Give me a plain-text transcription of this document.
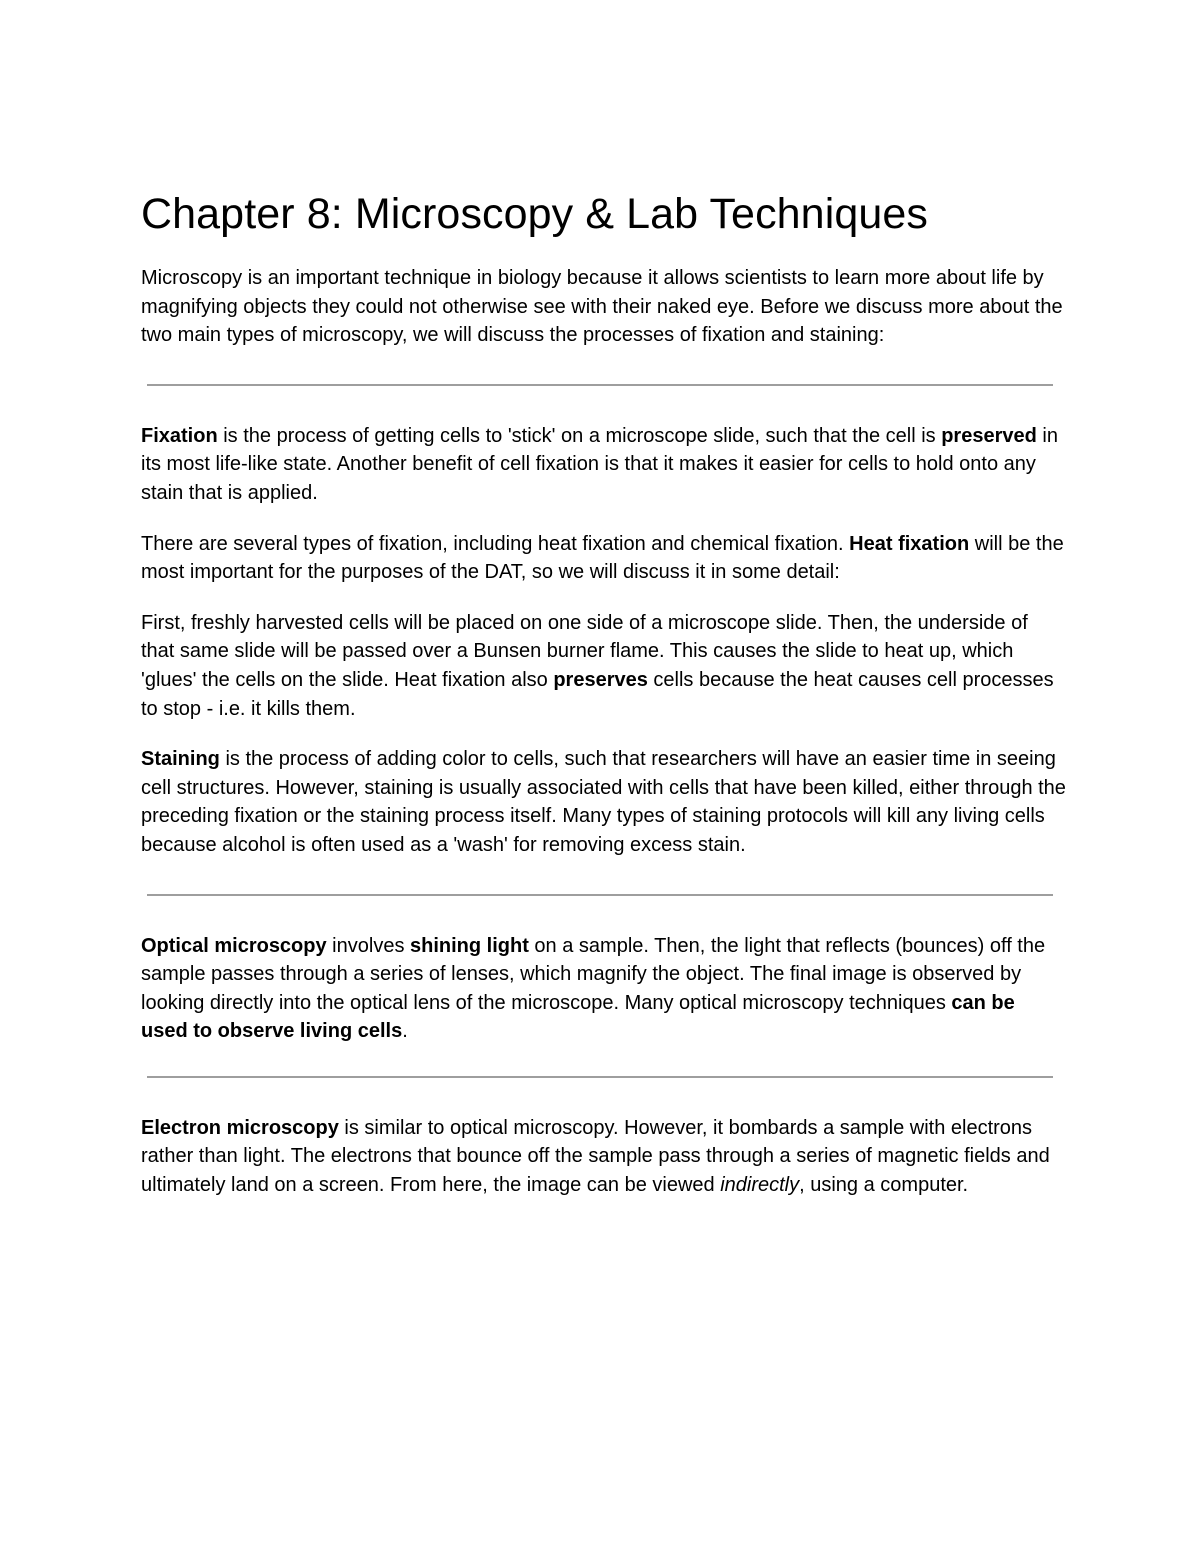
Chapter 8: Microscopy & Lab Techniques

Microscopy is an important technique in biology because it allows scientists to learn more about life by magnifying objects they could not otherwise see with their naked eye. Before we discuss more about the two main types of microscopy, we will discuss the processes of fixation and staining:

Fixation is the process of getting cells to 'stick' on a microscope slide, such that the cell is preserved in its most life-like state. Another benefit of cell fixation is that it makes it easier for cells to hold onto any stain that is applied.

There are several types of fixation, including heat fixation and chemical fixation. Heat fixation will be the most important for the purposes of the DAT, so we will discuss it in some detail:

First, freshly harvested cells will be placed on one side of a microscope slide. Then, the underside of that same slide will be passed over a Bunsen burner flame. This causes the slide to heat up, which 'glues' the cells on the slide. Heat fixation also preserves cells because the heat causes cell processes to stop - i.e. it kills them.

Staining is the process of adding color to cells, such that researchers will have an easier time in seeing cell structures. However, staining is usually associated with cells that have been killed, either through the preceding fixation or the staining process itself. Many types of staining protocols will kill any living cells because alcohol is often used as a 'wash' for removing excess stain.

Optical microscopy involves shining light on a sample. Then, the light that reflects (bounces) off the sample passes through a series of lenses, which magnify the object. The final image is observed by looking directly into the optical lens of the microscope. Many optical microscopy techniques can be used to observe living cells.

Electron microscopy is similar to optical microscopy. However, it bombards a sample with electrons rather than light. The electrons that bounce off the sample pass through a series of magnetic fields and ultimately land on a screen. From here, the image can be viewed indirectly, using a computer.
